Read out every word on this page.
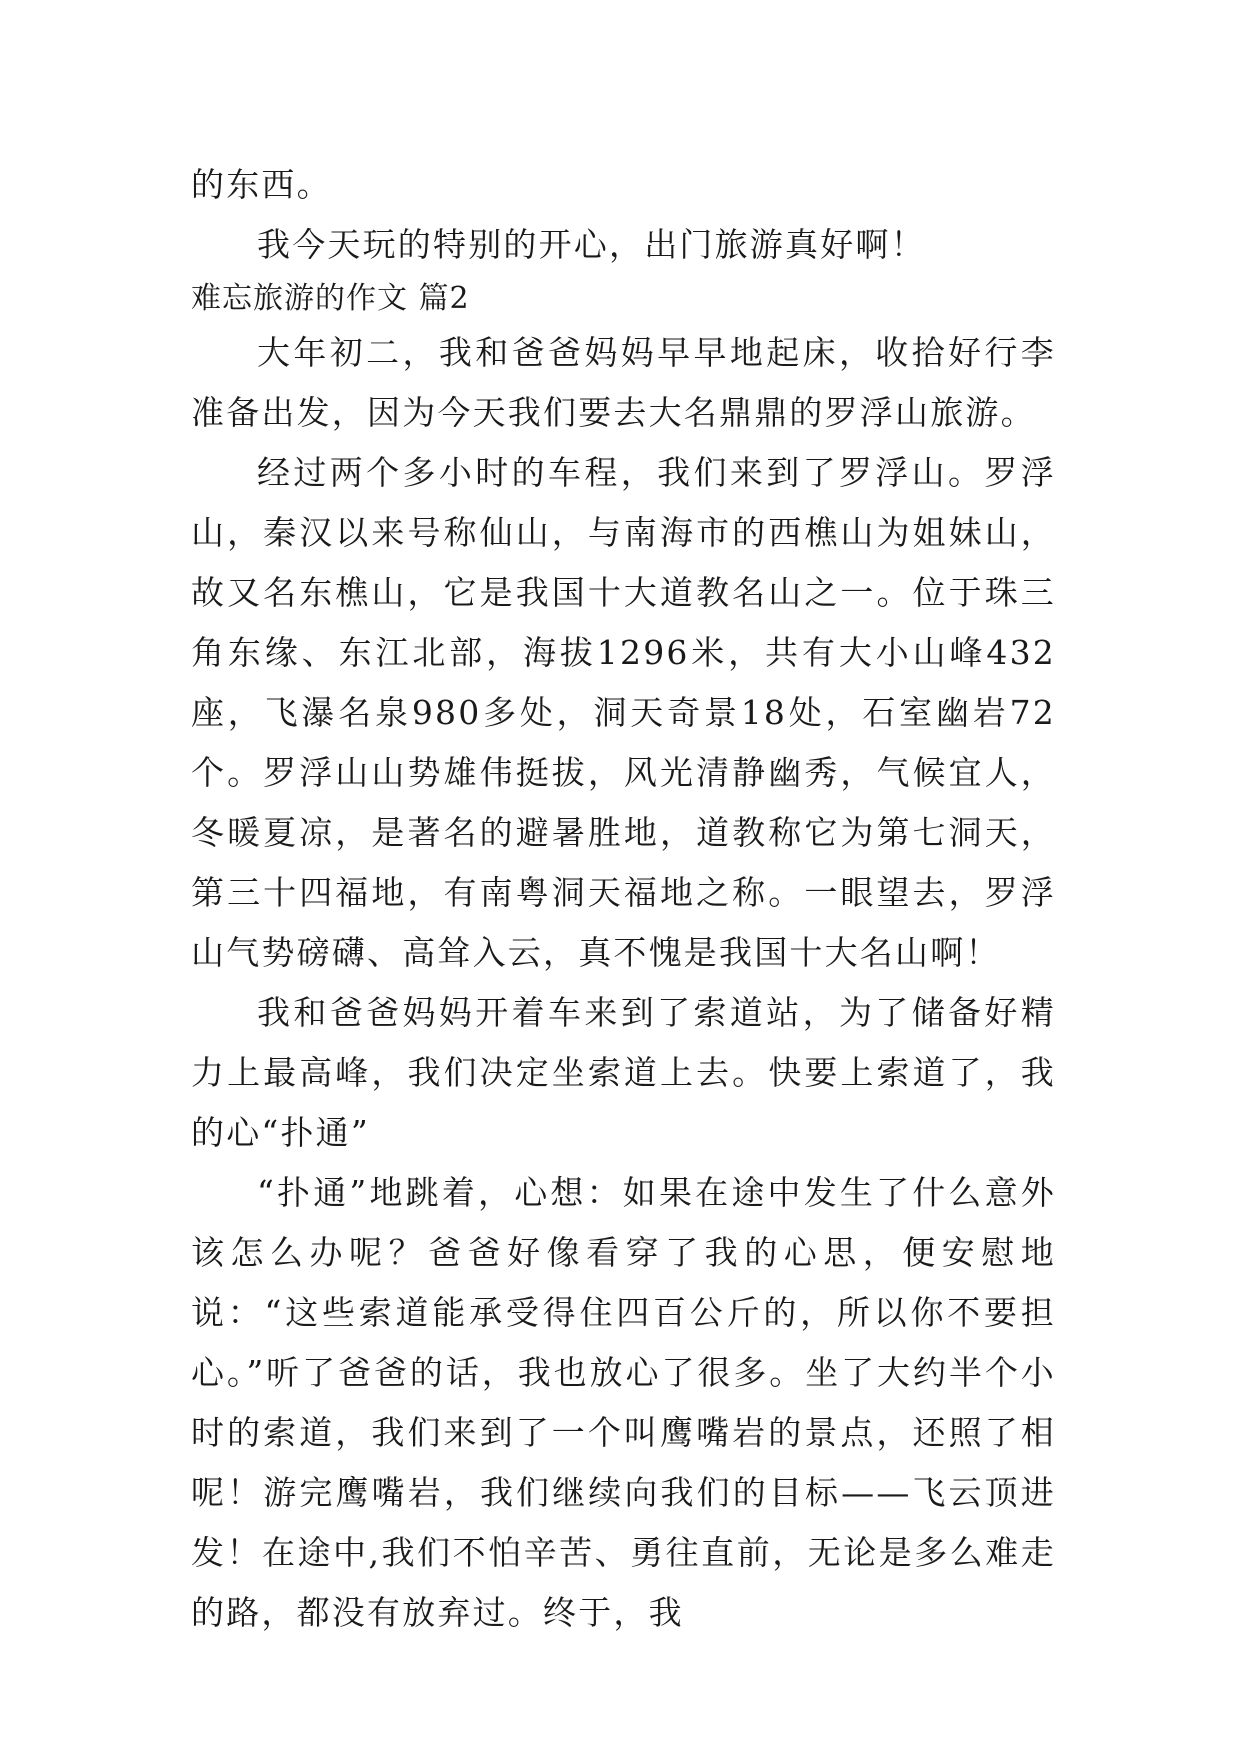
的东西。

我今天玩的特别的开心，出门旅游真好啊！

难忘旅游的作文 篇2

大年初二，我和爸爸妈妈早早地起床，收拾好行李准备出发，因为今天我们要去大名鼎鼎的罗浮山旅游。

经过两个多小时的车程，我们来到了罗浮山。罗浮山，秦汉以来号称仙山，与南海市的西樵山为姐妹山，故又名东樵山，它是我国十大道教名山之一。位于珠三角东缘、东江北部，海拔1296米，共有大小山峰432座，飞瀑名泉980多处，洞天奇景18处，石室幽岩72个。罗浮山山势雄伟挺拔，风光清静幽秀，气候宜人，冬暖夏凉，是著名的避暑胜地，道教称它为第七洞天，第三十四福地，有南粤洞天福地之称。一眼望去，罗浮山气势磅礴、高耸入云，真不愧是我国十大名山啊！

我和爸爸妈妈开着车来到了索道站，为了储备好精力上最高峰，我们决定坐索道上去。快要上索道了，我的心“扑通”

“扑通”地跳着，心想：如果在途中发生了什么意外该怎么办呢？爸爸好像看穿了我的心思，便安慰地说：“这些索道能承受得住四百公斤的，所以你不要担心。”听了爸爸的话，我也放心了很多。坐了大约半个小时的索道，我们来到了一个叫鹰嘴岩的景点，还照了相呢！游完鹰嘴岩，我们继续向我们的目标——飞云顶进发！在途中,我们不怕辛苦、勇往直前，无论是多么难走的路，都没有放弃过。终于，我
